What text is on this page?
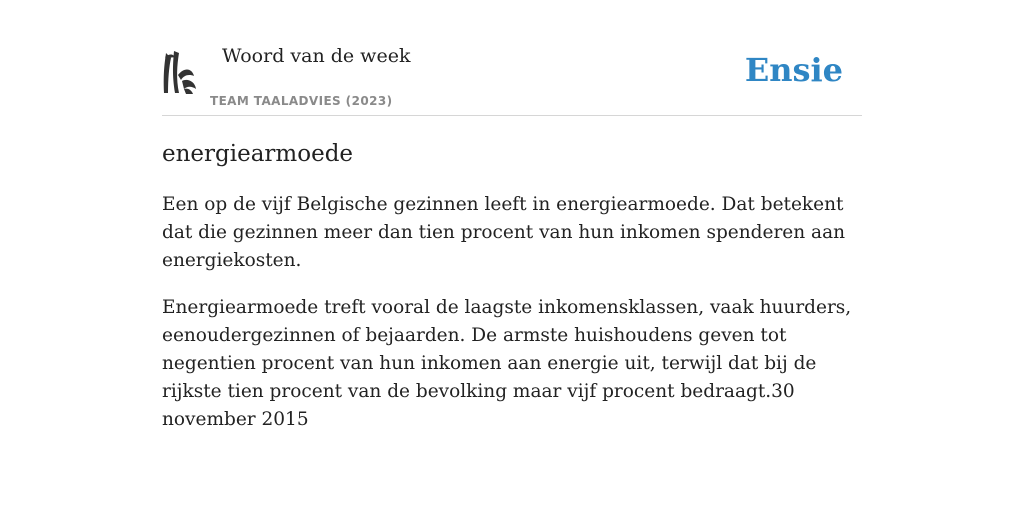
Woord van de week
TEAM TAALADVIES (2023)
Ensie
energiearmoede

Een op de vijf Belgische gezinnen leeft in energiearmoede. Dat betekent dat die gezinnen meer dan tien procent van hun inkomen spenderen aan energiekosten.

Energiearmoede treft vooral de laagste inkomensklassen, vaak huurders, eenoudergezinnen of bejaarden. De armste huishoudens geven tot negentien procent van hun inkomen aan energie uit, terwijl dat bij de rijkste tien procent van de bevolking maar vijf procent bedraagt.30 november 2015
